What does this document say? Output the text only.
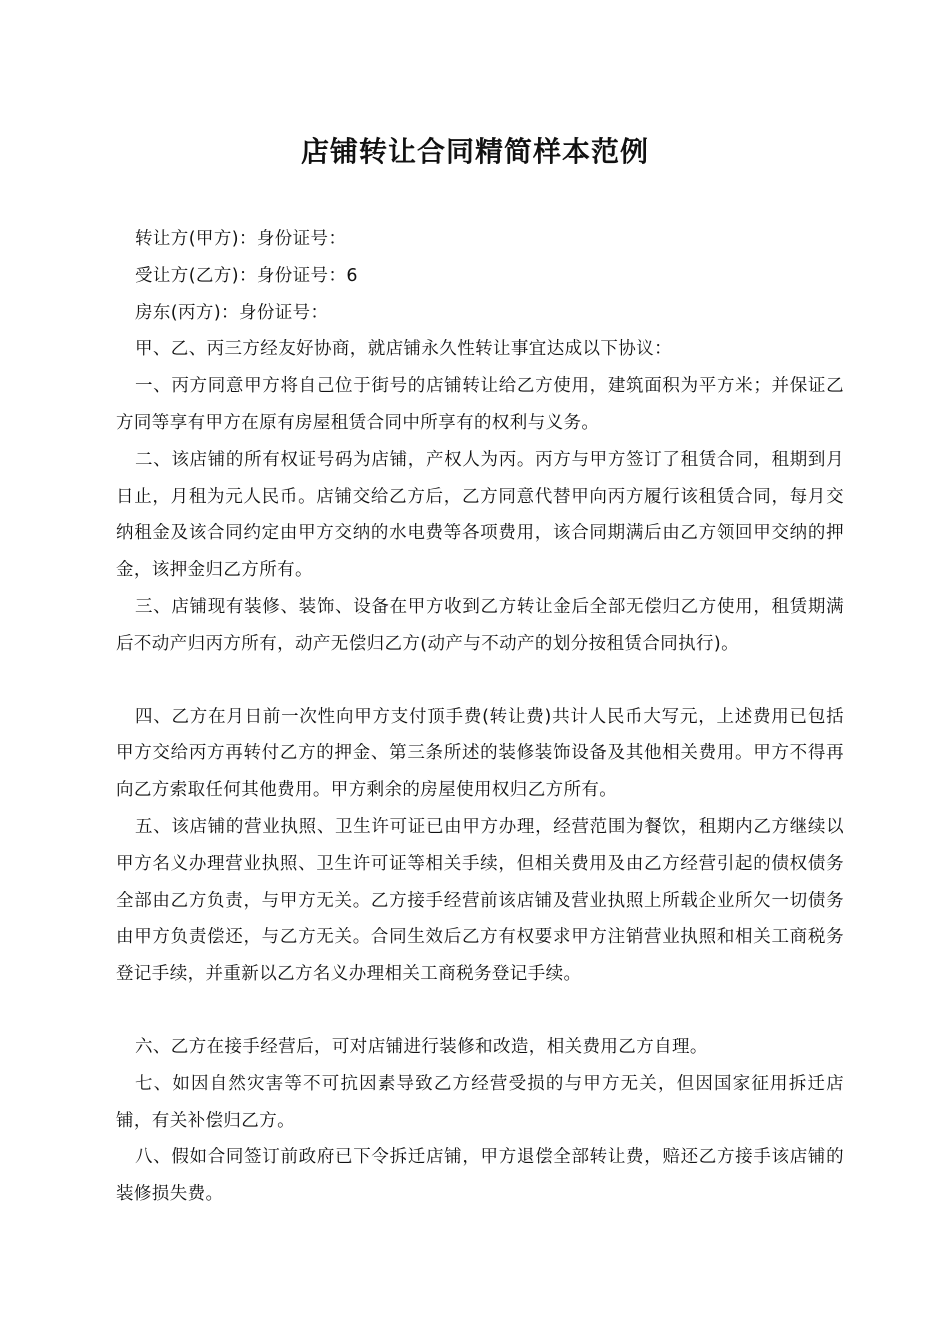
店铺转让合同精简样本范例

转让方(甲方)：身份证号：

受让方(乙方)：身份证号：6

房东(丙方)：身份证号：

甲、乙、丙三方经友好协商，就店铺永久性转让事宜达成以下协议：

一、丙方同意甲方将自己位于街号的店铺转让给乙方使用，建筑面积为平方米；并保证乙方同等享有甲方在原有房屋租赁合同中所享有的权利与义务。

二、该店铺的所有权证号码为店铺，产权人为丙。丙方与甲方签订了租赁合同，租期到月日止，月租为元人民币。店铺交给乙方后，乙方同意代替甲向丙方履行该租赁合同，每月交纳租金及该合同约定由甲方交纳的水电费等各项费用，该合同期满后由乙方领回甲交纳的押金，该押金归乙方所有。

三、店铺现有装修、装饰、设备在甲方收到乙方转让金后全部无偿归乙方使用，租赁期满后不动产归丙方所有，动产无偿归乙方(动产与不动产的划分按租赁合同执行)。

四、乙方在月日前一次性向甲方支付顶手费(转让费)共计人民币大写元，上述费用已包括甲方交给丙方再转付乙方的押金、第三条所述的装修装饰设备及其他相关费用。甲方不得再向乙方索取任何其他费用。甲方剩余的房屋使用权归乙方所有。

五、该店铺的营业执照、卫生许可证已由甲方办理，经营范围为餐饮，租期内乙方继续以甲方名义办理营业执照、卫生许可证等相关手续，但相关费用及由乙方经营引起的债权债务全部由乙方负责，与甲方无关。乙方接手经营前该店铺及营业执照上所载企业所欠一切债务由甲方负责偿还，与乙方无关。合同生效后乙方有权要求甲方注销营业执照和相关工商税务登记手续，并重新以乙方名义办理相关工商税务登记手续。

六、乙方在接手经营后，可对店铺进行装修和改造，相关费用乙方自理。

七、如因自然灾害等不可抗因素导致乙方经营受损的与甲方无关，但因国家征用拆迁店铺，有关补偿归乙方。

八、假如合同签订前政府已下令拆迁店铺，甲方退偿全部转让费，赔还乙方接手该店铺的装修损失费。
